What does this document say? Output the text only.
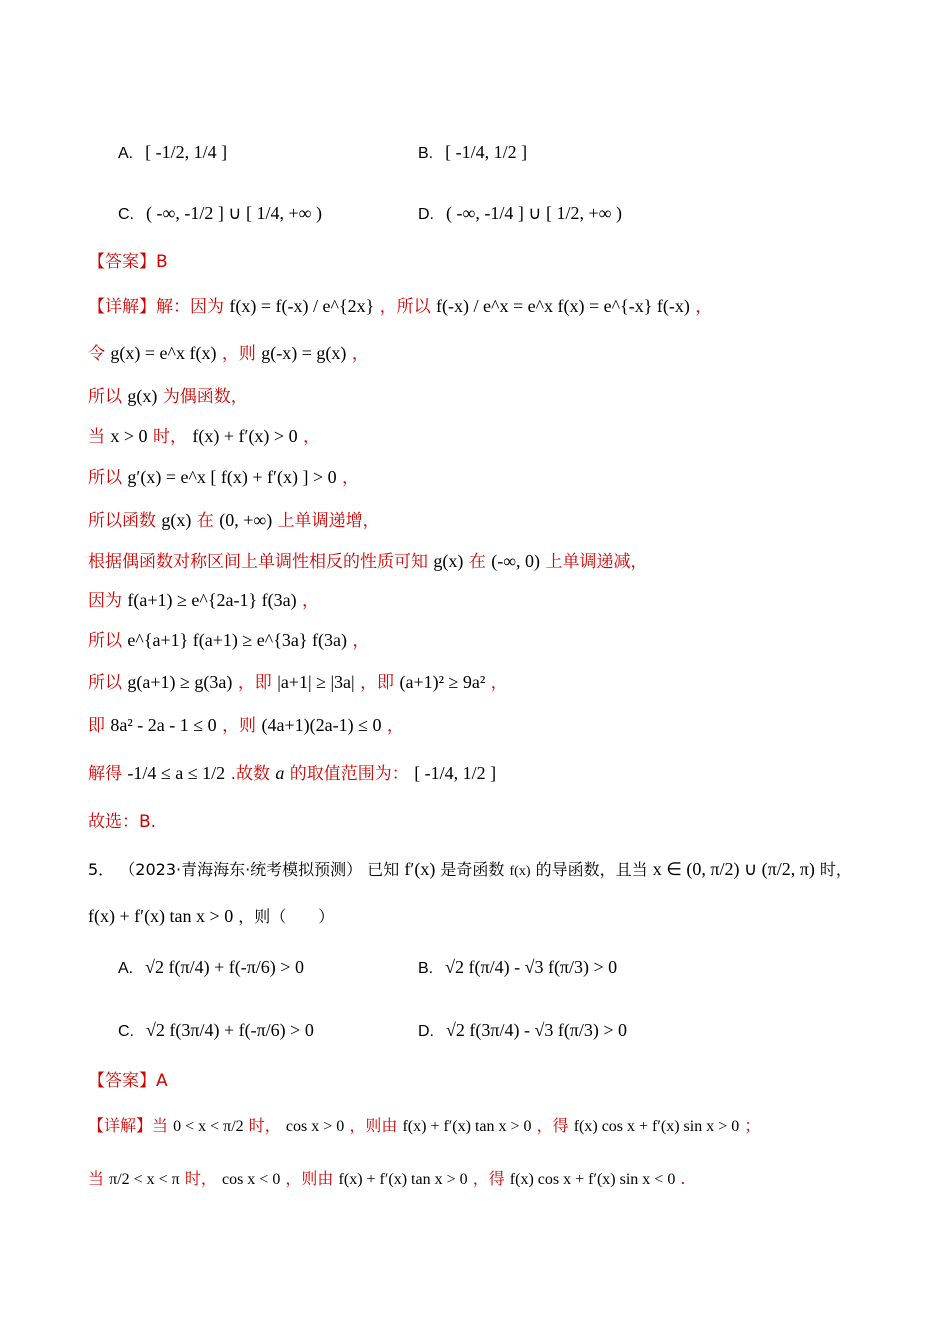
A. [ -1/2, 1/4 ]	B. [ -1/4, 1/2 ]
C. ( -∞, -1/2 ] ∪ [ 1/4, +∞ )	D. ( -∞, -1/4 ] ∪ [ 1/2, +∞ )
【答案】B
【详解】解：因为 f(x) = f(-x) / e^{2x} ，所以 f(-x) / e^x = e^x f(x) = e^{-x} f(-x) ，
令 g(x) = e^x f(x) ，则 g(-x) = g(x) ，
所以 g(x) 为偶函数，
当 x > 0 时， f(x) + f′(x) > 0 ，
所以 g′(x) = e^x [ f(x) + f′(x) ] > 0 ，
所以函数 g(x) 在 (0, +∞) 上单调递增，
根据偶函数对称区间上单调性相反的性质可知 g(x) 在 (-∞, 0) 上单调递减，
因为 f(a+1) ≥ e^{2a-1} f(3a) ，
所以 e^{a+1} f(a+1) ≥ e^{3a} f(3a) ，
所以 g(a+1) ≥ g(3a) ，即 |a+1| ≥ |3a| ，即 (a+1)² ≥ 9a² ，
即 8a² - 2a - 1 ≤ 0 ，则 (4a+1)(2a-1) ≤ 0 ，
解得 -1/4 ≤ a ≤ 1/2 .故数 a 的取值范围为： [ -1/4, 1/2 ]
故选：B.
5． （2023·青海海东·统考模拟预测） 已知 f′(x) 是奇函数 f(x) 的导函数，且当 x ∈ (0, π/2) ∪ (π/2, π) 时，
f(x) + f′(x) tan x > 0 ，则（　　）
A. √2 f(π/4) + f(-π/6) > 0	B. √2 f(π/4) - √3 f(π/3) > 0
C. √2 f(3π/4) + f(-π/6) > 0	D. √2 f(3π/4) - √3 f(π/3) > 0
【答案】A
【详解】当 0 < x < π/2 时， cos x > 0 ，则由 f(x) + f′(x) tan x > 0 ，得 f(x) cos x + f′(x) sin x > 0 ；
当 π/2 < x < π 时， cos x < 0 ，则由 f(x) + f′(x) tan x > 0 ，得 f(x) cos x + f′(x) sin x < 0 .
